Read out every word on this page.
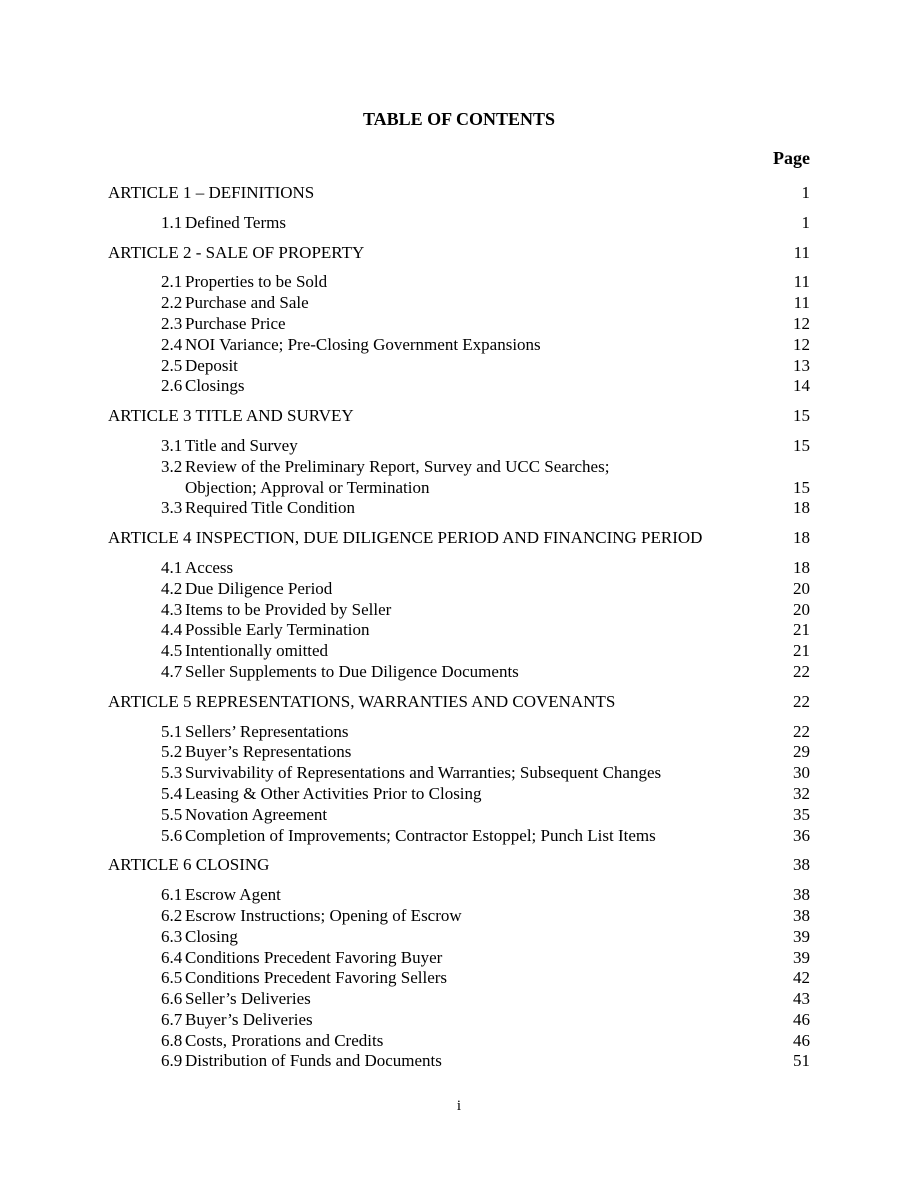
TABLE OF CONTENTS
Page
ARTICLE 1 – DEFINITIONS	1
1.1 Defined Terms	1
ARTICLE 2 - SALE OF PROPERTY	11
2.1 Properties to be Sold	11
2.2 Purchase and Sale	11
2.3 Purchase Price	12
2.4 NOI Variance; Pre-Closing Government Expansions	12
2.5 Deposit	13
2.6 Closings	14
ARTICLE 3 TITLE AND SURVEY	15
3.1 Title and Survey	15
3.2 Review of the Preliminary Report, Survey and UCC Searches;
Objection; Approval or Termination	15
3.3 Required Title Condition	18
ARTICLE 4 INSPECTION, DUE DILIGENCE PERIOD AND FINANCING PERIOD	18
4.1 Access	18
4.2 Due Diligence Period	20
4.3 Items to be Provided by Seller	20
4.4 Possible Early Termination	21
4.5 Intentionally omitted	21
4.7 Seller Supplements to Due Diligence Documents	22
ARTICLE 5 REPRESENTATIONS, WARRANTIES AND COVENANTS	22
5.1 Sellers’ Representations	22
5.2 Buyer’s Representations	29
5.3 Survivability of Representations and Warranties; Subsequent Changes	30
5.4 Leasing & Other Activities Prior to Closing	32
5.5 Novation Agreement	35
5.6 Completion of Improvements; Contractor Estoppel; Punch List Items	36
ARTICLE 6 CLOSING	38
6.1 Escrow Agent	38
6.2 Escrow Instructions; Opening of Escrow	38
6.3 Closing	39
6.4 Conditions Precedent Favoring Buyer	39
6.5 Conditions Precedent Favoring Sellers	42
6.6 Seller’s Deliveries	43
6.7 Buyer’s Deliveries	46
6.8 Costs, Prorations and Credits	46
6.9 Distribution of Funds and Documents	51
i
